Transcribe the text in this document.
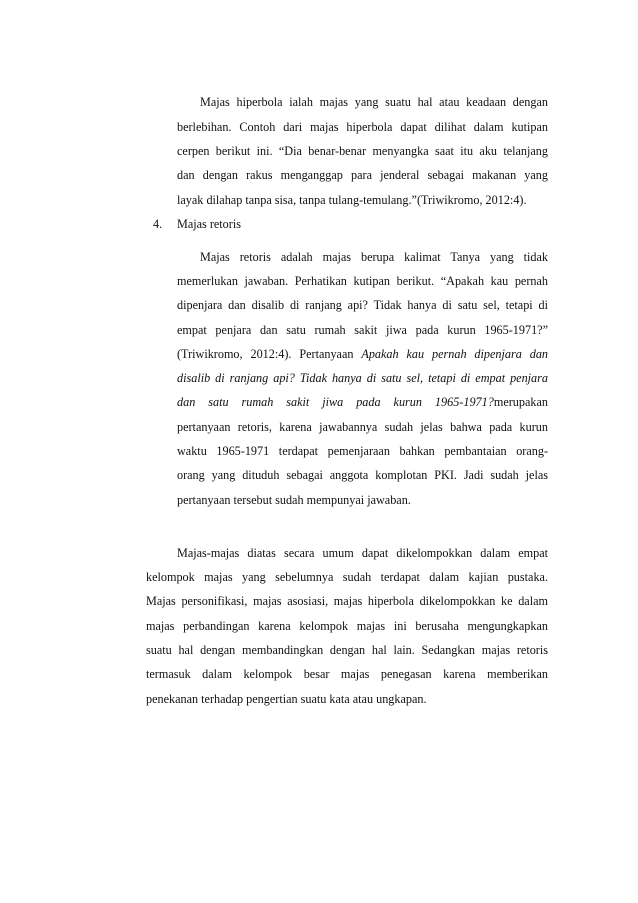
Majas hiperbola ialah majas yang suatu hal atau keadaan dengan
berlebihan. Contoh dari majas hiperbola dapat dilihat dalam kutipan
cerpen berikut ini. “Dia benar-benar menyangka saat itu aku telanjang
dan dengan rakus menganggap para jenderal sebagai makanan yang
layak dilahap tanpa sisa, tanpa tulang-temulang.”(Triwikromo, 2012:4).
4.	Majas retoris
Majas retoris adalah majas berupa kalimat Tanya yang tidak
memerlukan jawaban. Perhatikan kutipan berikut. “Apakah kau pernah
dipenjara dan disalib di ranjang api? Tidak hanya di satu sel, tetapi di
empat penjara dan satu rumah sakit jiwa pada kurun 1965-1971?”
(Triwikromo, 2012:4). Pertanyaan Apakah kau pernah dipenjara dan
disalib di ranjang api? Tidak hanya di satu sel, tetapi di empat penjara
dan satu rumah sakit jiwa pada kurun 1965-1971?merupakan
pertanyaan retoris, karena jawabannya sudah jelas bahwa pada kurun
waktu 1965-1971 terdapat pemenjaraan bahkan pembantaian orang-
orang yang dituduh sebagai anggota komplotan PKI. Jadi sudah jelas
pertanyaan tersebut sudah mempunyai jawaban.
Majas-majas diatas secara umum dapat dikelompokkan dalam empat
kelompok majas yang sebelumnya sudah terdapat dalam kajian pustaka.
Majas personifikasi, majas asosiasi, majas hiperbola dikelompokkan ke dalam
majas perbandingan karena kelompok majas ini berusaha mengungkapkan
suatu hal dengan membandingkan dengan hal lain. Sedangkan majas retoris
termasuk dalam kelompok besar majas penegasan karena memberikan
penekanan terhadap pengertian suatu kata atau ungkapan.
